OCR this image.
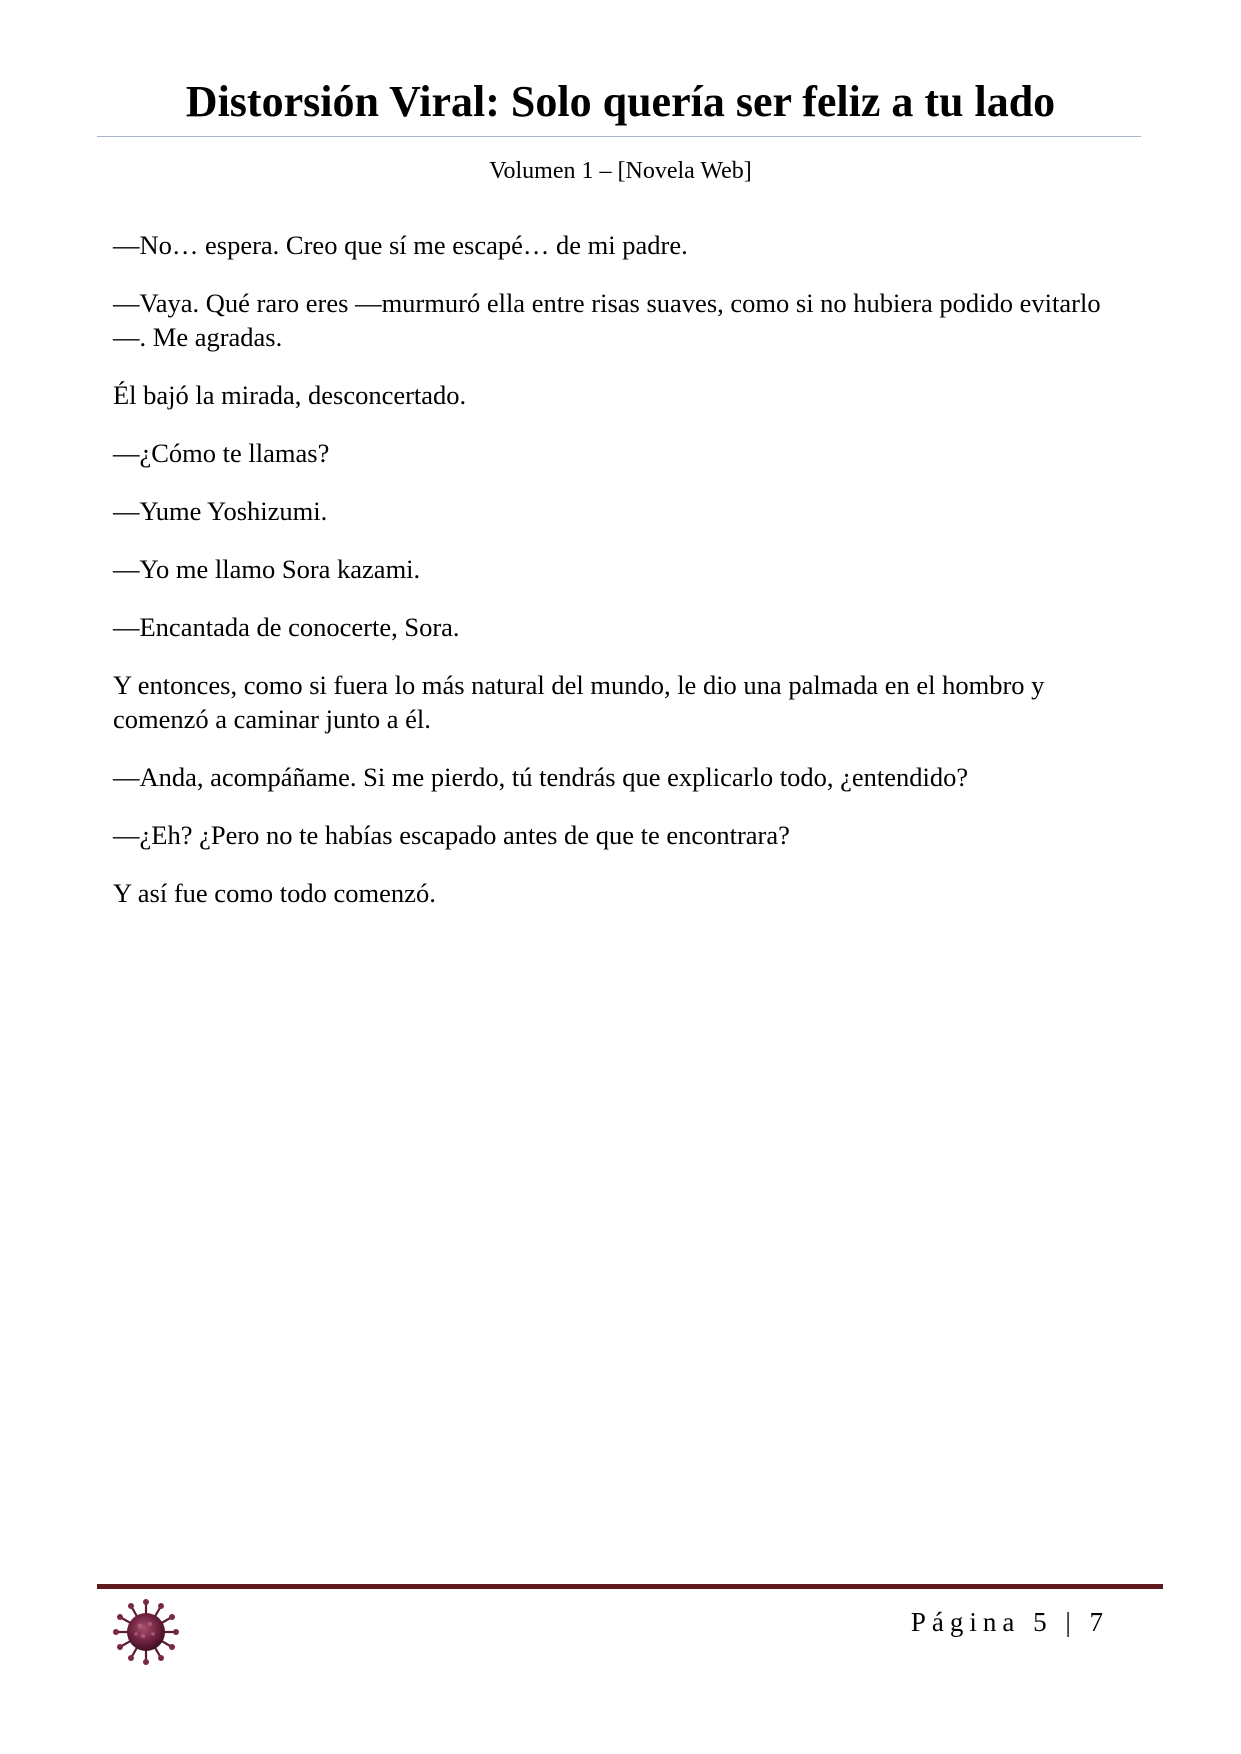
Distorsión Viral: Solo quería ser feliz a tu lado
Volumen 1 – [Novela Web]

—No… espera. Creo que sí me escapé… de mi padre.

—Vaya. Qué raro eres —murmuró ella entre risas suaves, como si no hubiera podido evitarlo—. Me agradas.

Él bajó la mirada, desconcertado.

—¿Cómo te llamas?

—Yume Yoshizumi.

—Yo me llamo Sora kazami.

—Encantada de conocerte, Sora.

Y entonces, como si fuera lo más natural del mundo, le dio una palmada en el hombro y comenzó a caminar junto a él.

—Anda, acompáñame. Si me pierdo, tú tendrás que explicarlo todo, ¿entendido?

—¿Eh? ¿Pero no te habías escapado antes de que te encontrara?

Y así fue como todo comenzó.

Página 5 | 7
